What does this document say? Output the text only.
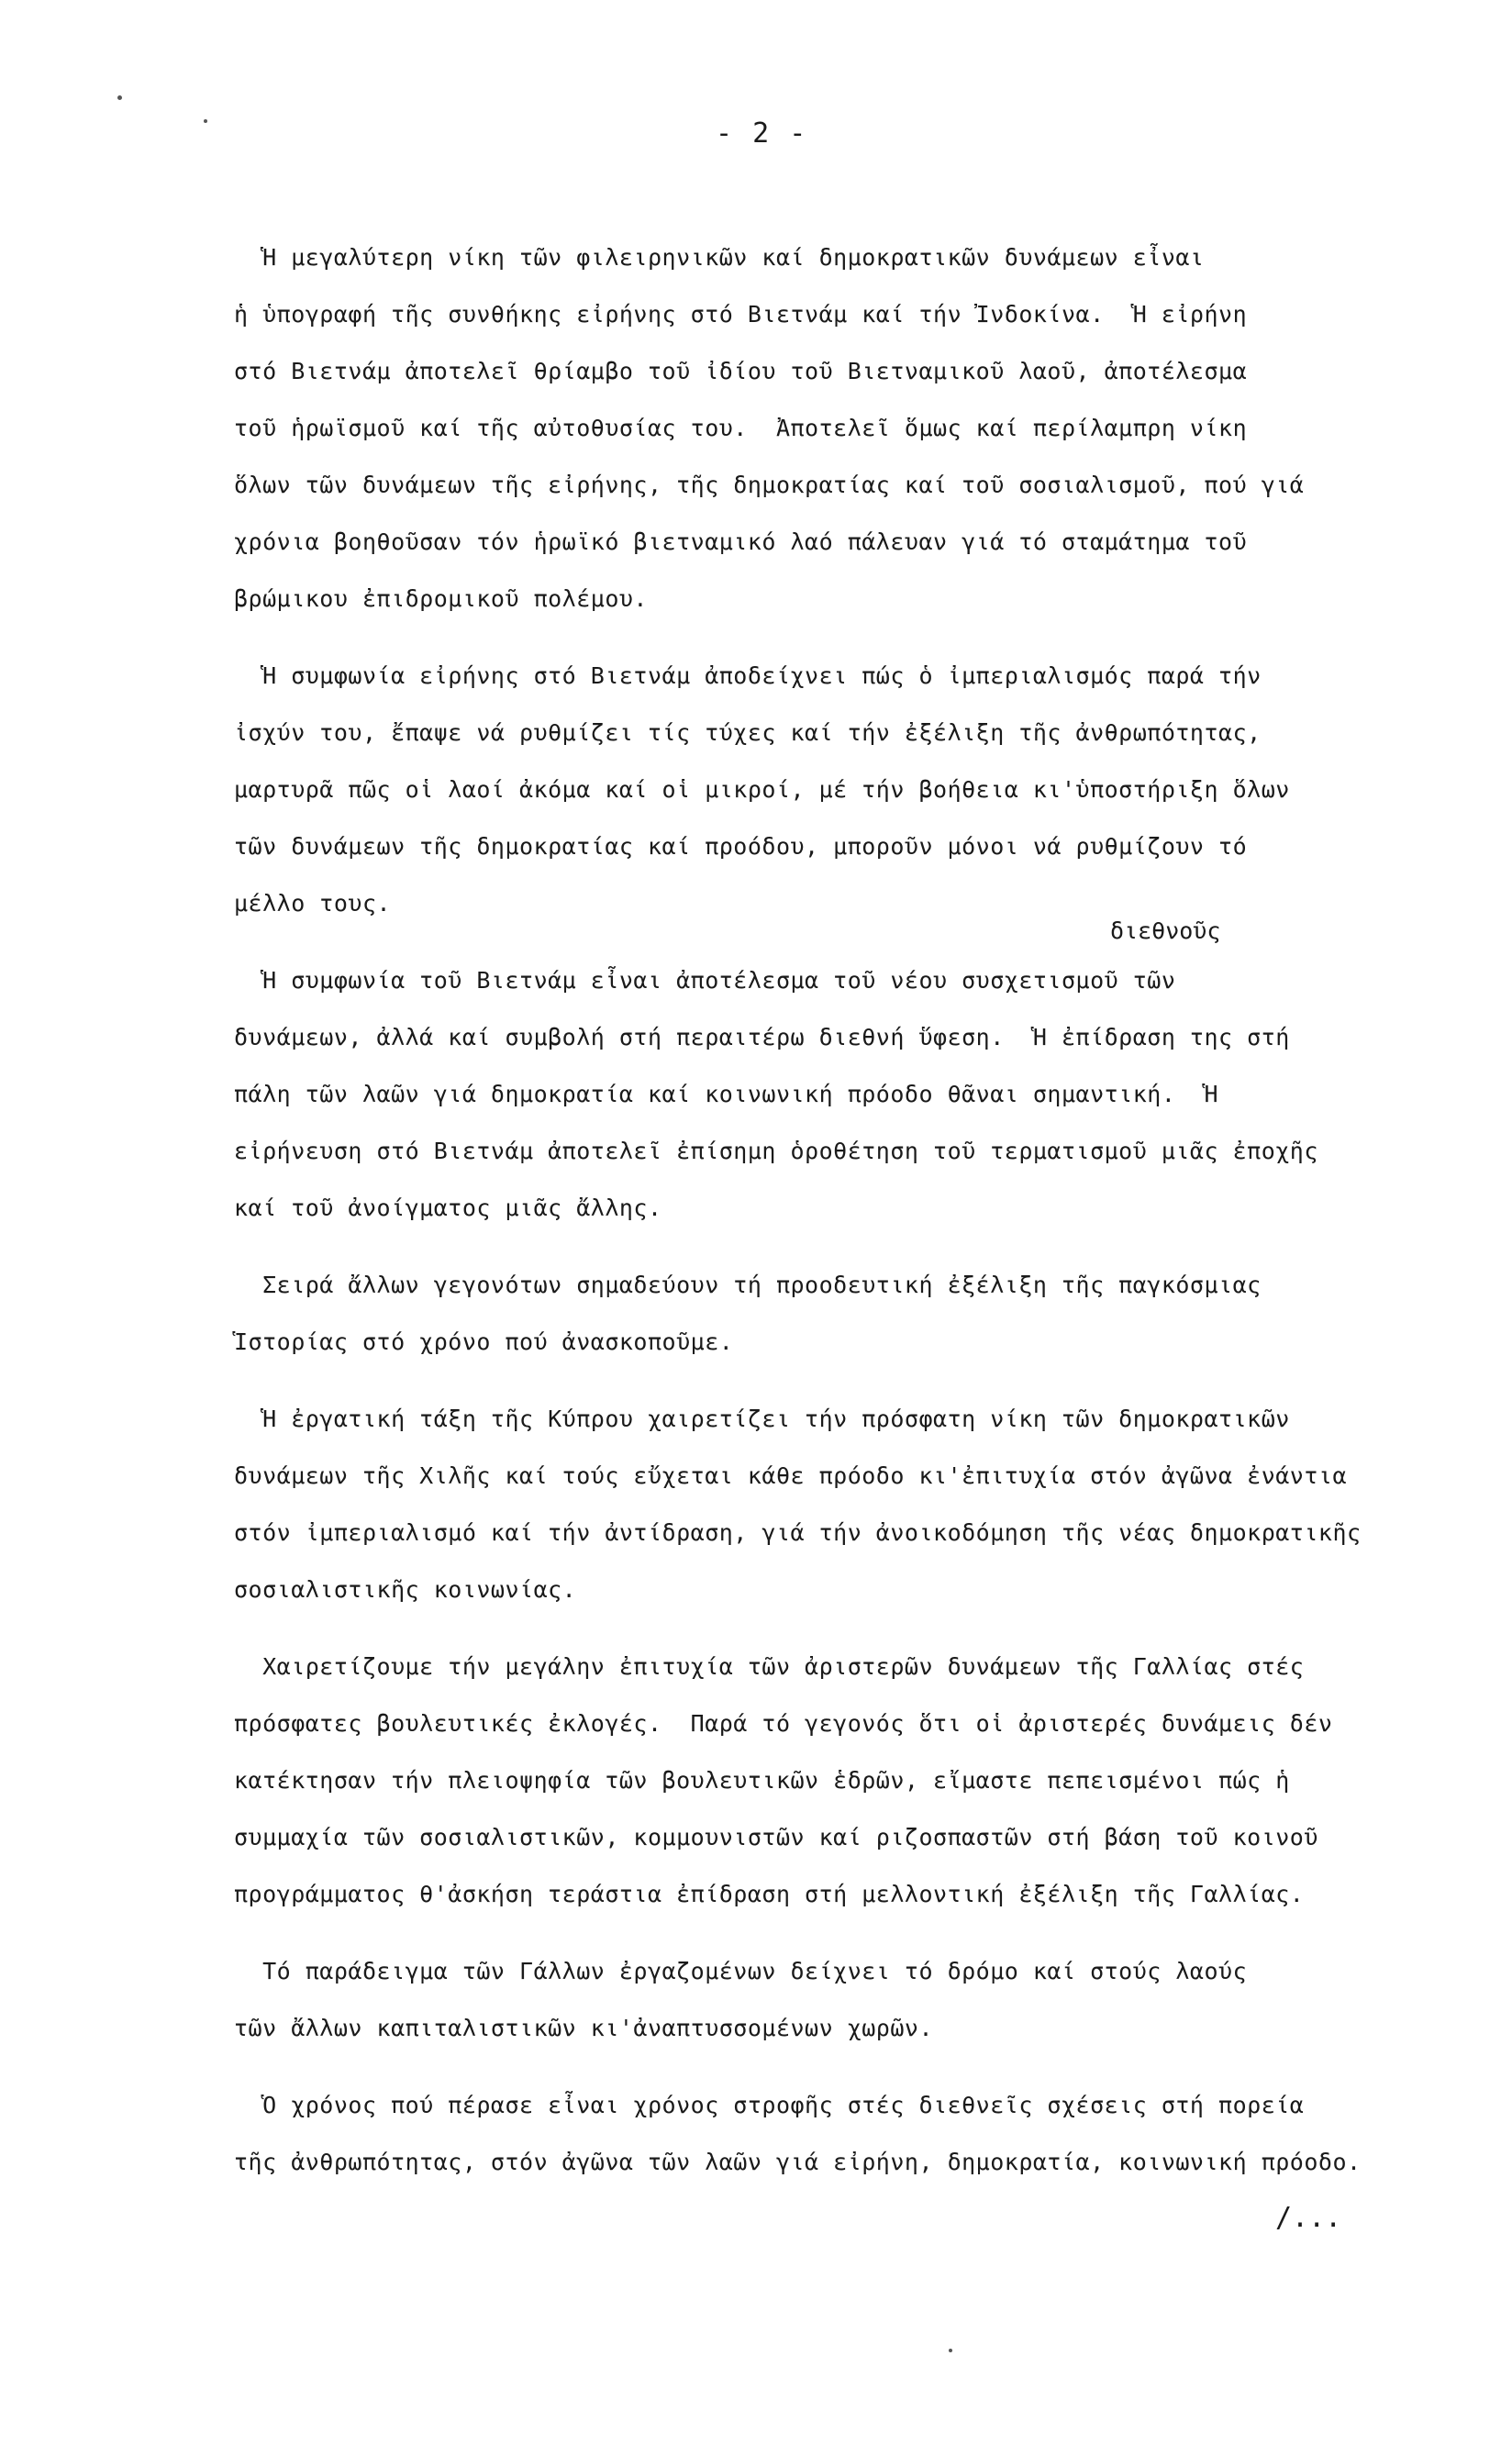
- 2 -
διεθνοῦς
Ἡ μεγαλύτερη νίκη τῶν φιλειρηνικῶν καί δημοκρατικῶν δυνάμεων εἶναι
ἡ ὑπογραφή τῆς συνθήκης εἰρήνης στό Βιετνάμ καί τήν Ἰνδοκίνα.  Ἡ εἰρήνη
στό Βιετνάμ ἀποτελεῖ θρίαμβο τοῦ ἰδίου τοῦ Βιετναμικοῦ λαοῦ, ἀποτέλεσμα
τοῦ ἡρωϊσμοῦ καί τῆς αὐτοθυσίας του.  Ἀποτελεῖ ὅμως καί περίλαμπρη νίκη
ὅλων τῶν δυνάμεων τῆς εἰρήνης, τῆς δημοκρατίας καί τοῦ σοσιαλισμοῦ, πού γιά
χρόνια βοηθοῦσαν τόν ἡρωϊκό βιετναμικό λαό πάλευαν γιά τό σταμάτημα τοῦ
βρώμικου ἐπιδρομικοῦ πολέμου.
Ἡ συμφωνία εἰρήνης στό Βιετνάμ ἀποδείχνει πώς ὁ ἰμπεριαλισμός παρά τήν
ἰσχύν του, ἔπαψε νά ρυθμίζει τίς τύχες καί τήν ἐξέλιξη τῆς ἀνθρωπότητας,
μαρτυρᾶ πῶς οἱ λαοί ἀκόμα καί οἱ μικροί, μέ τήν βοήθεια κι'ὑποστήριξη ὅλων
τῶν δυνάμεων τῆς δημοκρατίας καί προόδου, μποροῦν μόνοι νά ρυθμίζουν τό
μέλλο τους.
Ἡ συμφωνία τοῦ Βιετνάμ εἶναι ἀποτέλεσμα τοῦ νέου συσχετισμοῦ τῶν
δυνάμεων, ἀλλά καί συμβολή στή περαιτέρω διεθνή ὕφεση.  Ἡ ἐπίδραση της στή
πάλη τῶν λαῶν γιά δημοκρατία καί κοινωνική πρόοδο θᾶναι σημαντική.  Ἡ
εἰρήνευση στό Βιετνάμ ἀποτελεῖ ἐπίσημη ὁροθέτηση τοῦ τερματισμοῦ μιᾶς ἐποχῆς
καί τοῦ ἀνοίγματος μιᾶς ἄλλης.
Σειρά ἄλλων γεγονότων σημαδεύουν τή προοδευτική ἐξέλιξη τῆς παγκόσμιας
Ἱστορίας στό χρόνο πού ἀνασκοποῦμε.
Ἡ ἐργατική τάξη τῆς Κύπρου χαιρετίζει τήν πρόσφατη νίκη τῶν δημοκρατικῶν
δυνάμεων τῆς Χιλῆς καί τούς εὔχεται κάθε πρόοδο κι'ἐπιτυχία στόν ἀγῶνα ἐνάντια
στόν ἰμπεριαλισμό καί τήν ἀντίδραση, γιά τήν ἀνοικοδόμηση τῆς νέας δημοκρατικῆς
σοσιαλιστικῆς κοινωνίας.
Χαιρετίζουμε τήν μεγάλην ἐπιτυχία τῶν ἀριστερῶν δυνάμεων τῆς Γαλλίας στές
πρόσφατες βουλευτικές ἐκλογές.  Παρά τό γεγονός ὅτι οἱ ἀριστερές δυνάμεις δέν
κατέκτησαν τήν πλειοψηφία τῶν βουλευτικῶν ἑδρῶν, εἴμαστε πεπεισμένοι πώς ἡ
συμμαχία τῶν σοσιαλιστικῶν, κομμουνιστῶν καί ριζοσπαστῶν στή βάση τοῦ κοινοῦ
προγράμματος θ'ἀσκήση τεράστια ἐπίδραση στή μελλοντική ἐξέλιξη τῆς Γαλλίας.
Τό παράδειγμα τῶν Γάλλων ἐργαζομένων δείχνει τό δρόμο καί στούς λαούς
τῶν ἄλλων καπιταλιστικῶν κι'ἀναπτυσσομένων χωρῶν.
Ὁ χρόνος πού πέρασε εἶναι χρόνος στροφῆς στές διεθνεῖς σχέσεις στή πορεία
τῆς ἀνθρωπότητας, στόν ἀγῶνα τῶν λαῶν γιά εἰρήνη, δημοκρατία, κοινωνική πρόοδο.
/...
